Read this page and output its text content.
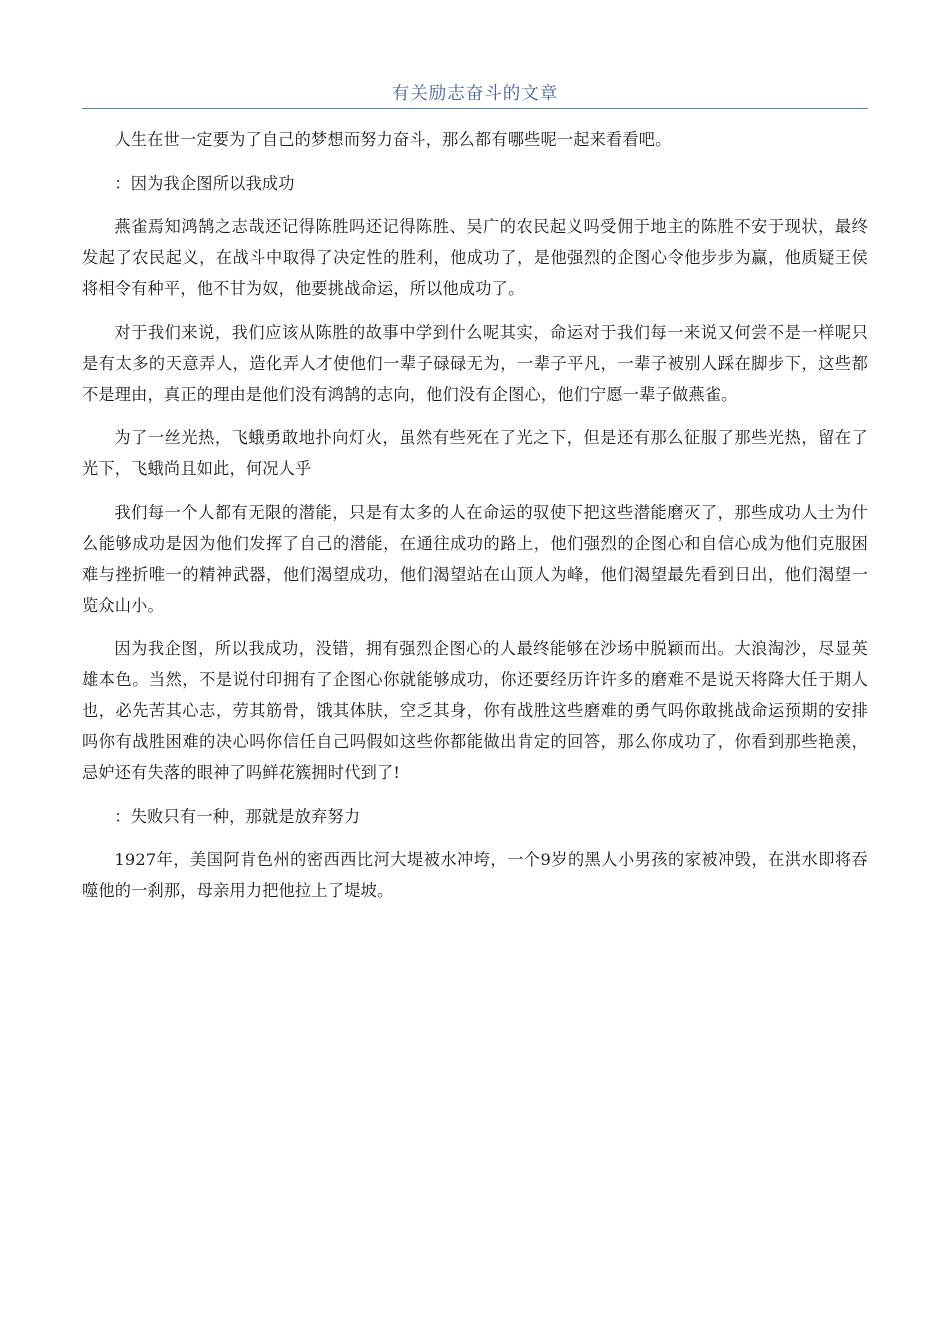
有关励志奋斗的文章

人生在世一定要为了自己的梦想而努力奋斗，那么都有哪些呢一起来看看吧。

：因为我企图所以我成功

燕雀焉知鸿鹄之志哉还记得陈胜吗还记得陈胜、吴广的农民起义吗受佣于地主的陈胜不安于现状，最终发起了农民起义，在战斗中取得了决定性的胜利，他成功了，是他强烈的企图心令他步步为赢，他质疑王侯将相令有种平，他不甘为奴，他要挑战命运，所以他成功了。

对于我们来说，我们应该从陈胜的故事中学到什么呢其实，命运对于我们每一来说又何尝不是一样呢只是有太多的天意弄人，造化弄人才使他们一辈子碌碌无为，一辈子平凡，一辈子被别人踩在脚步下，这些都不是理由，真正的理由是他们没有鸿鹄的志向，他们没有企图心，他们宁愿一辈子做燕雀。

为了一丝光热，飞蛾勇敢地扑向灯火，虽然有些死在了光之下，但是还有那么征服了那些光热，留在了光下，飞蛾尚且如此，何况人乎

我们每一个人都有无限的潜能，只是有太多的人在命运的驭使下把这些潜能磨灭了，那些成功人士为什么能够成功是因为他们发挥了自己的潜能，在通往成功的路上，他们强烈的企图心和自信心成为他们克服困难与挫折唯一的精神武器，他们渴望成功，他们渴望站在山顶人为峰，他们渴望最先看到日出，他们渴望一览众山小。

因为我企图，所以我成功，没错，拥有强烈企图心的人最终能够在沙场中脱颖而出。大浪淘沙，尽显英雄本色。当然，不是说付印拥有了企图心你就能够成功，你还要经历许许多的磨难不是说天将降大任于期人也，必先苦其心志，劳其筋骨，饿其体肤，空乏其身，你有战胜这些磨难的勇气吗你敢挑战命运预期的安排吗你有战胜困难的决心吗你信任自己吗假如这些你都能做出肯定的回答，那么你成功了，你看到那些艳羡，忌妒还有失落的眼神了吗鲜花簇拥时代到了!

：失败只有一种，那就是放弃努力

1927年，美国阿肯色州的密西西比河大堤被水冲垮，一个9岁的黑人小男孩的家被冲毁，在洪水即将吞噬他的一刹那，母亲用力把他拉上了堤坡。
